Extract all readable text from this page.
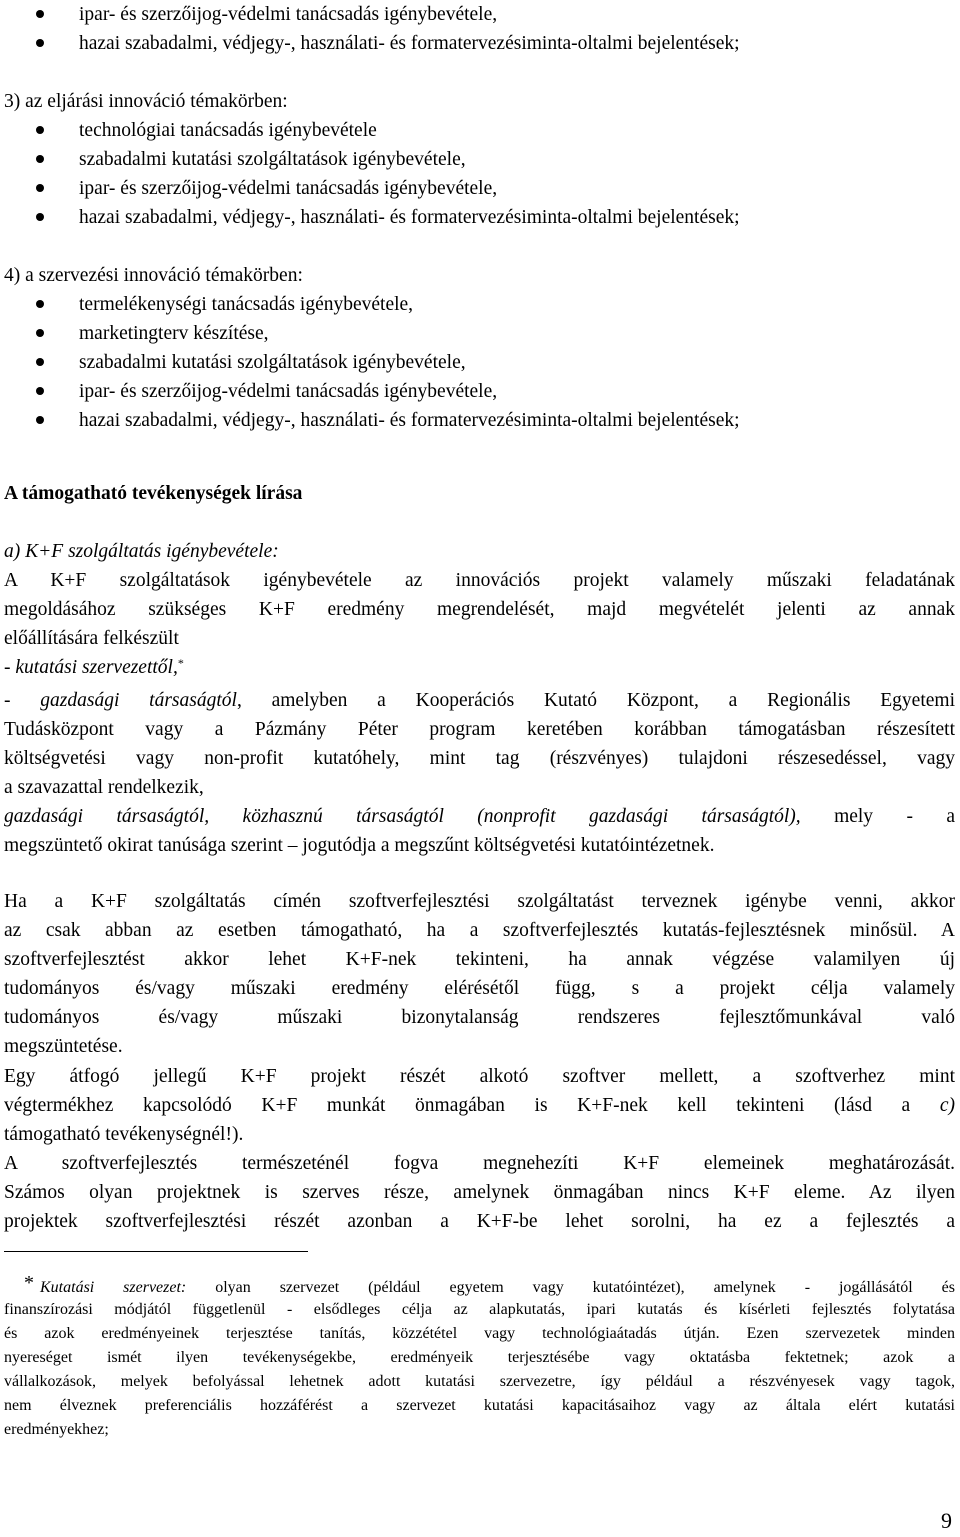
ipar- és szerzőijog-védelmi tanácsadás igénybevétele,
hazai szabadalmi, védjegy-, használati- és formatervezésiminta-oltalmi bejelentések;
3) az eljárási innováció témakörben:
technológiai tanácsadás igénybevétele
szabadalmi kutatási szolgáltatások igénybevétele,
ipar- és szerzőijog-védelmi tanácsadás igénybevétele,
hazai szabadalmi, védjegy-, használati- és formatervezésiminta-oltalmi bejelentések;
4) a szervezési innováció témakörben:
termelékenységi tanácsadás igénybevétele,
marketingterv készítése,
szabadalmi kutatási szolgáltatások igénybevétele,
ipar- és szerzőijog-védelmi tanácsadás igénybevétele,
hazai szabadalmi, védjegy-, használati- és formatervezésiminta-oltalmi bejelentések;
A támogatható tevékenységek lírása
a) K+F szolgáltatás igénybevétele:
A K+F szolgáltatások igénybevétele az innovációs projekt valamely műszaki feladatának
megoldásához szükséges K+F eredmény megrendelését, majd megvételét jelenti az annak
előállítására felkészült
- kutatási szervezettől,*
- gazdasági társaságtól, amelyben a Kooperációs Kutató Központ, a Regionális Egyetemi
Tudásközpont vagy a Pázmány Péter program keretében korábban támogatásban részesített
költségvetési vagy non-profit kutatóhely, mint tag (részvényes) tulajdoni részesedéssel, vagy
a szavazattal rendelkezik,
gazdasági társaságtól, közhasznú társaságtól (nonprofit gazdasági társaságtól), mely - a
megszüntető okirat tanúsága szerint – jogutódja a megszűnt költségvetési kutatóintézetnek.
Ha a K+F szolgáltatás címén szoftverfejlesztési szolgáltatást terveznek igénybe venni, akkor
az csak abban az esetben támogatható, ha a szoftverfejlesztés kutatás-fejlesztésnek minősül. A
szoftverfejlesztést akkor lehet K+F-nek tekinteni, ha annak végzése valamilyen új
tudományos és/vagy műszaki eredmény elérésétől függ, s a projekt célja valamely
tudományos és/vagy műszaki bizonytalanság rendszeres fejlesztőmunkával való
megszüntetése.
Egy átfogó jellegű K+F projekt részét alkotó szoftver mellett, a szoftverhez mint
végtermékhez kapcsolódó K+F munkát önmagában is K+F-nek kell tekinteni (lásd a c)
támogatható tevékenységnél!).
A szoftverfejlesztés természeténél fogva megnehezíti K+F elemeinek meghatározását.
Számos olyan projektnek is szerves része, amelynek önmagában nincs K+F eleme. Az ilyen
projektek szoftverfejlesztési részét azonban a K+F-be lehet sorolni, ha ez a fejlesztés a
* Kutatási szervezet: olyan szervezet (például egyetem vagy kutatóintézet), amelynek - jogállásától és
finanszírozási módjától függetlenül - elsődleges célja az alapkutatás, ipari kutatás és kísérleti fejlesztés folytatása
és azok eredményeinek terjesztése tanítás, közzététel vagy technológiaátadás útján. Ezen szervezetek minden
nyereséget ismét ilyen tevékenységekbe, eredményeik terjesztésébe vagy oktatásba fektetnek; azok a
vállalkozások, melyek befolyással lehetnek adott kutatási szervezetre, így például a részvényesek vagy tagok,
nem élveznek preferenciális hozzáférést a szervezet kutatási kapacitásaihoz vagy az általa elért kutatási
eredményekhez;
9
